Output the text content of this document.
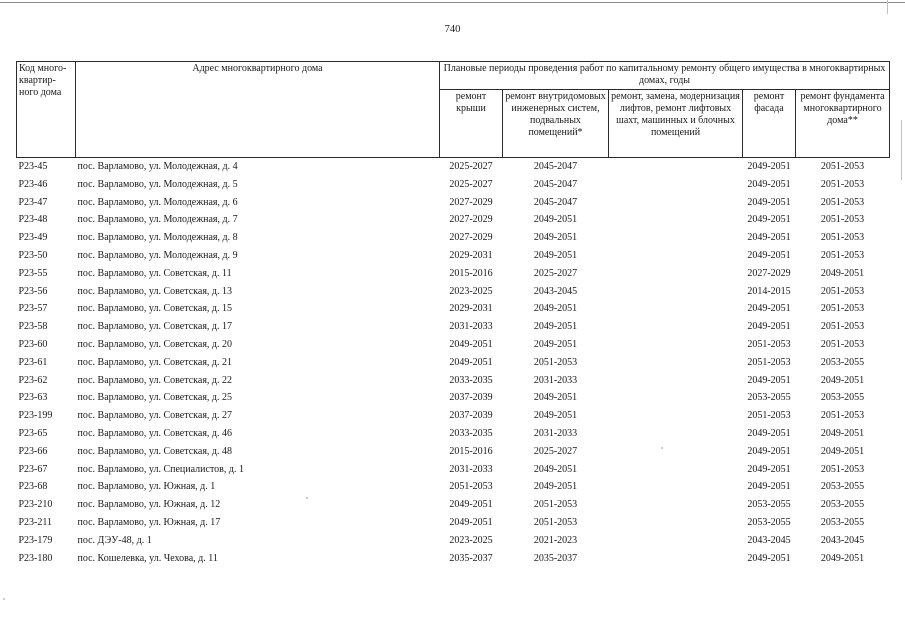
740
Код много-квартир-ного дома	Адрес многоквартирного дома	Плановые периоды проведения работ по капитальному ремонту общего имущества в многоквартирных домах, годы				
		ремонт крыши	ремонт внутридомовых инженерных систем, подвальных помещений*	ремонт, замена, модернизация лифтов, ремонт лифтовых шахт, машинных и блочных помещений	ремонт фасада	ремонт фундамента многоквартирного дома**
Р23-45	пос. Варламово, ул. Молодежная, д. 4	2025-2027	2045-2047		2049-2051	2051-2053
Р23-46	пос. Варламово, ул. Молодежная, д. 5	2025-2027	2045-2047		2049-2051	2051-2053
Р23-47	пос. Варламово, ул. Молодежная, д. 6	2027-2029	2045-2047		2049-2051	2051-2053
Р23-48	пос. Варламово, ул. Молодежная, д. 7	2027-2029	2049-2051		2049-2051	2051-2053
Р23-49	пос. Варламово, ул. Молодежная, д. 8	2027-2029	2049-2051		2049-2051	2051-2053
Р23-50	пос. Варламово, ул. Молодежная, д. 9	2029-2031	2049-2051		2049-2051	2051-2053
Р23-55	пос. Варламово, ул. Советская, д. 11	2015-2016	2025-2027		2027-2029	2049-2051
Р23-56	пос. Варламово, ул. Советская, д. 13	2023-2025	2043-2045		2014-2015	2051-2053
Р23-57	пос. Варламово, ул. Советская, д. 15	2029-2031	2049-2051		2049-2051	2051-2053
Р23-58	пос. Варламово, ул. Советская, д. 17	2031-2033	2049-2051		2049-2051	2051-2053
Р23-60	пос. Варламово, ул. Советская, д. 20	2049-2051	2049-2051		2051-2053	2051-2053
Р23-61	пос. Варламово, ул. Советская, д. 21	2049-2051	2051-2053		2051-2053	2053-2055
Р23-62	пос. Варламово, ул. Советская, д. 22	2033-2035	2031-2033		2049-2051	2049-2051
Р23-63	пос. Варламово, ул. Советская, д. 25	2037-2039	2049-2051		2053-2055	2053-2055
Р23-199	пос. Варламово, ул. Советская, д. 27	2037-2039	2049-2051		2051-2053	2051-2053
Р23-65	пос. Варламово, ул. Советская, д. 46	2033-2035	2031-2033		2049-2051	2049-2051
Р23-66	пос. Варламово, ул. Советская, д. 48	2015-2016	2025-2027		2049-2051	2049-2051
Р23-67	пос. Варламово, ул. Специалистов, д. 1	2031-2033	2049-2051		2049-2051	2051-2053
Р23-68	пос. Варламово, ул. Южная, д. 1	2051-2053	2049-2051		2049-2051	2053-2055
Р23-210	пос. Варламово, ул. Южная, д. 12	2049-2051	2051-2053		2053-2055	2053-2055
Р23-211	пос. Варламово, ул. Южная, д. 17	2049-2051	2051-2053		2053-2055	2053-2055
Р23-179	пос. ДЭУ-48, д. 1	2023-2025	2021-2023		2043-2045	2043-2045
Р23-180	пос. Кошелевка, ул. Чехова, д. 11	2035-2037	2035-2037		2049-2051	2049-2051
